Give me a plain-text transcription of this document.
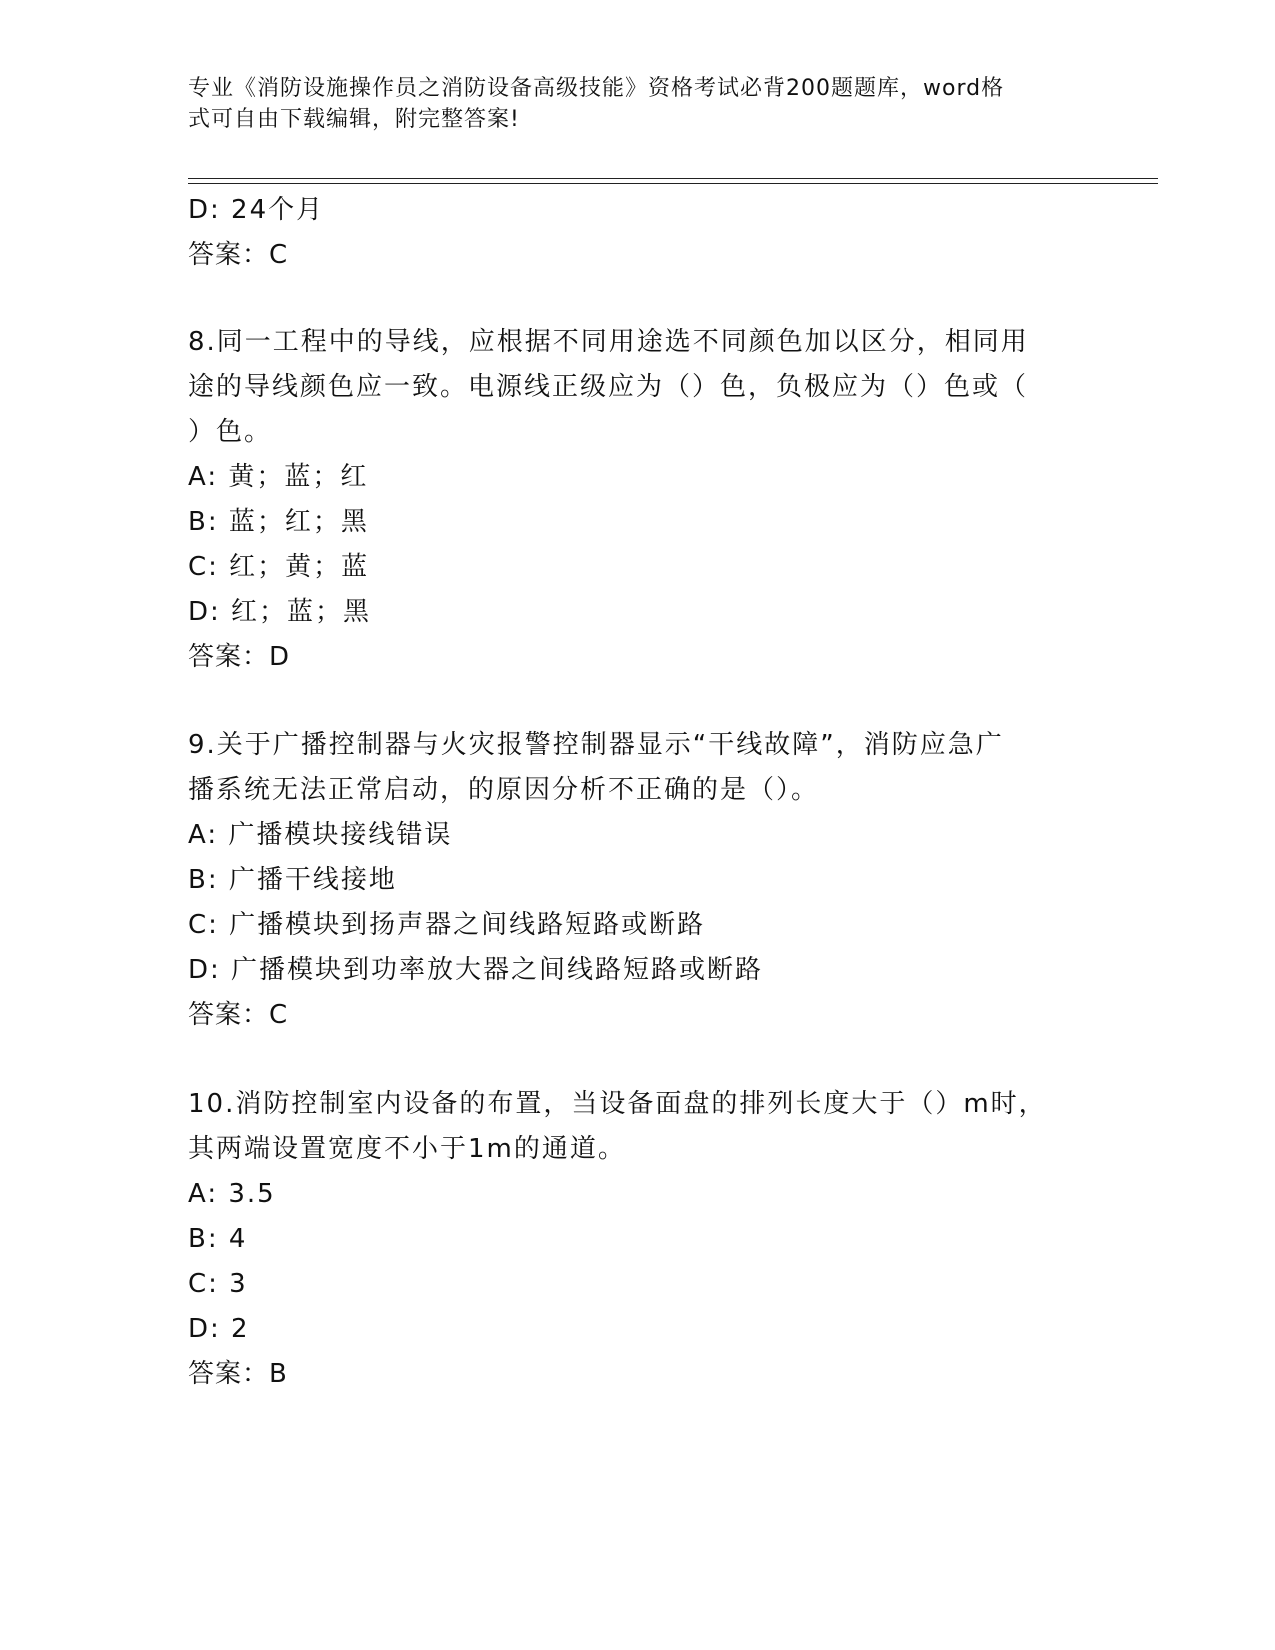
专业《消防设施操作员之消防设备高级技能》资格考试必背200题题库，word格
式可自由下载编辑，附完整答案!
D: 24个月
答案：C
8.同一工程中的导线，应根据不同用途选不同颜色加以区分，相同用
途的导线颜色应一致。电源线正级应为（）色，负极应为（）色或（
）色。
A: 黄；蓝；红
B: 蓝；红；黑
C: 红；黄；蓝
D: 红；蓝；黑
答案：D
9.关于广播控制器与火灾报警控制器显示“干线故障”，消防应急广
播系统无法正常启动，的原因分析不正确的是（）。
A: 广播模块接线错误
B: 广播干线接地
C: 广播模块到扬声器之间线路短路或断路
D: 广播模块到功率放大器之间线路短路或断路
答案：C
10.消防控制室内设备的布置，当设备面盘的排列长度大于（）m时，
其两端设置宽度不小于1m的通道。
A: 3.5
B: 4
C: 3
D: 2
答案：B
